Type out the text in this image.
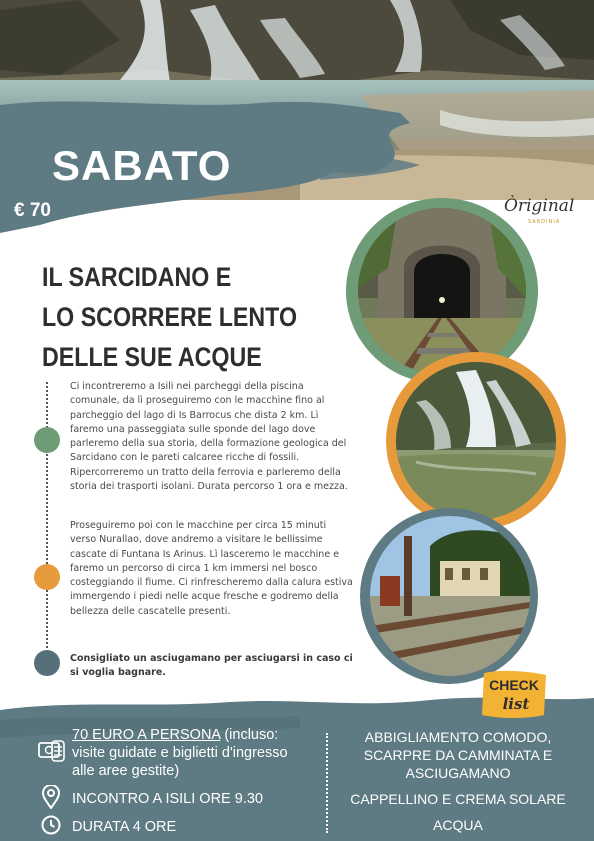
SABATO
€ 70	Òriginal
SARDINIA
IL SARCIDANO E
LO SCORRERE LENTO
DELLE SUE ACQUE

Ci incontreremo a Isili nei parcheggi della piscina comunale, da lì proseguiremo con le macchine fino al parcheggio del lago di Is Barrocus che dista 2 km. Lì faremo una passeggiata sulle sponde del lago dove parleremo della sua storia, della formazione geologica del Sarcidano con le pareti calcaree ricche di fossili. Ripercorreremo un tratto della ferrovia e parleremo della storia dei trasporti isolani. Durata percorso 1 ora e mezza.

Proseguiremo poi con le macchine per circa 15 minuti verso Nurallao, dove andremo a visitare le bellissime cascate di Funtana Is Arinus. Lì lasceremo le macchine e faremo un percorso di circa 1 km immersi nel bosco costeggiando il fiume. Ci rinfrescheremo dalla calura estiva immergendo i piedi nelle acque fresche e godremo della bellezza delle cascatelle presenti.

Consigliato un asciugamano per asciugarsi in caso ci si voglia bagnare.

CHECK
list
70 EURO A PERSONA (incluso: visite guidate e biglietti d'ingresso alle aree gestite)
INCONTRO A ISILI ORE 9.30
DURATA 4 ORE
ABBIGLIAMENTO COMODO, SCARPRE DA CAMMINATA E ASCIUGAMANO
CAPPELLINO E CREMA SOLARE
ACQUA
